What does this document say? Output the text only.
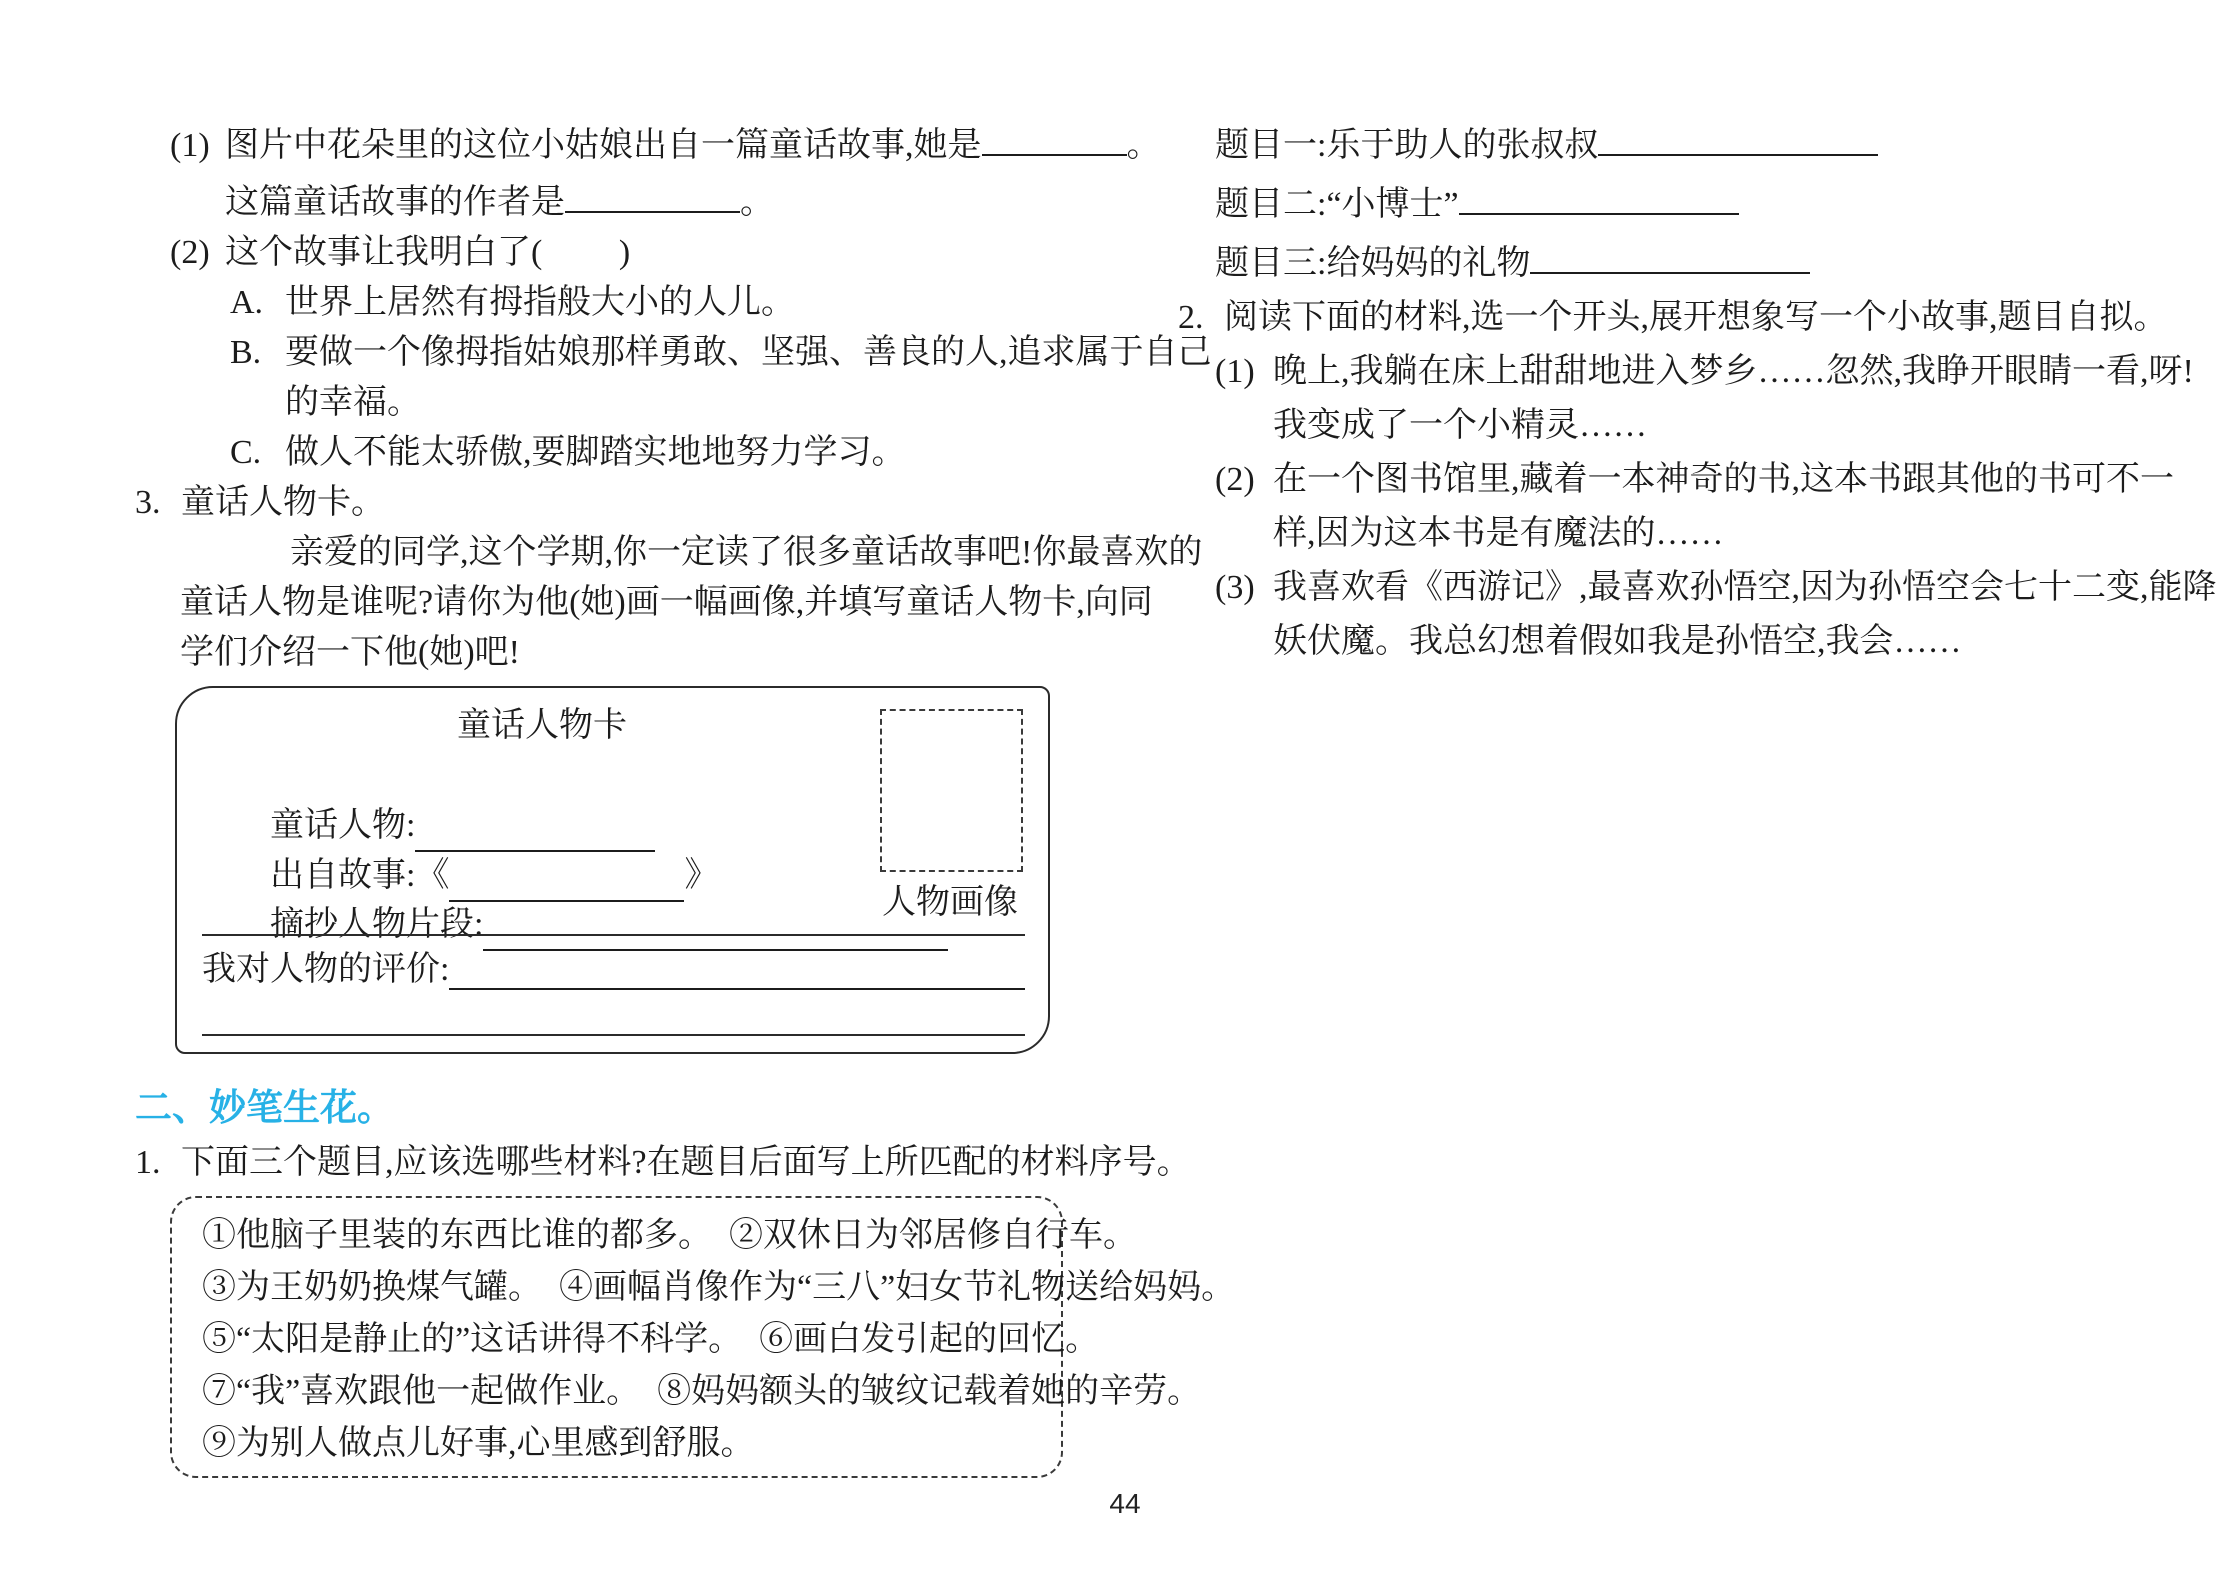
(1) 图片中花朵里的这位小姑娘出自一篇童话故事,她是	。
这篇童话故事的作者是	。
(2) 这个故事让我明白了(　　 )
A. 世界上居然有拇指般大小的人儿。
B. 要做一个像拇指姑娘那样勇敢、坚强、善良的人,追求属于自己
的幸福。
C. 做人不能太骄傲,要脚踏实地地努力学习。
3. 童话人物卡。
亲爱的同学,这个学期,你一定读了很多童话故事吧!你最喜欢的
童话人物是谁呢?请你为他(她)画一幅画像,并填写童话人物卡,向同
学们介绍一下他(她)吧!
童话人物卡

童话人物:

出自故事:《	》

摘抄人物片段:

我对人物的评价:
人物画像
二、妙笔生花。
1. 下面三个题目,应该选哪些材料?在题目后面写上所匹配的材料序号。
①他脑子里装的东西比谁的都多。　②双休日为邻居修自行车。
③为王奶奶换煤气罐。　④画幅肖像作为“三八”妇女节礼物送给妈妈。
⑤“太阳是静止的”这话讲得不科学。　⑥画白发引起的回忆。
⑦“我”喜欢跟他一起做作业。　⑧妈妈额头的皱纹记载着她的辛劳。
⑨为别人做点儿好事,心里感到舒服。
题目一: 乐于助人的张叔叔
题目二: “小博士”
题目三: 给妈妈的礼物
2. 阅读下面的材料,选一个开头,展开想象写一个小故事,题目自拟。
(1) 晚上,我躺在床上甜甜地进入梦乡……忽然,我睁开眼睛一看,呀!
我变成了一个小精灵……
(2) 在一个图书馆里,藏着一本神奇的书,这本书跟其他的书可不一
样,因为这本书是有魔法的……
(3) 我喜欢看《西游记》,最喜欢孙悟空,因为孙悟空会七十二变,能降
妖伏魔。我总幻想着假如我是孙悟空,我会……
44
